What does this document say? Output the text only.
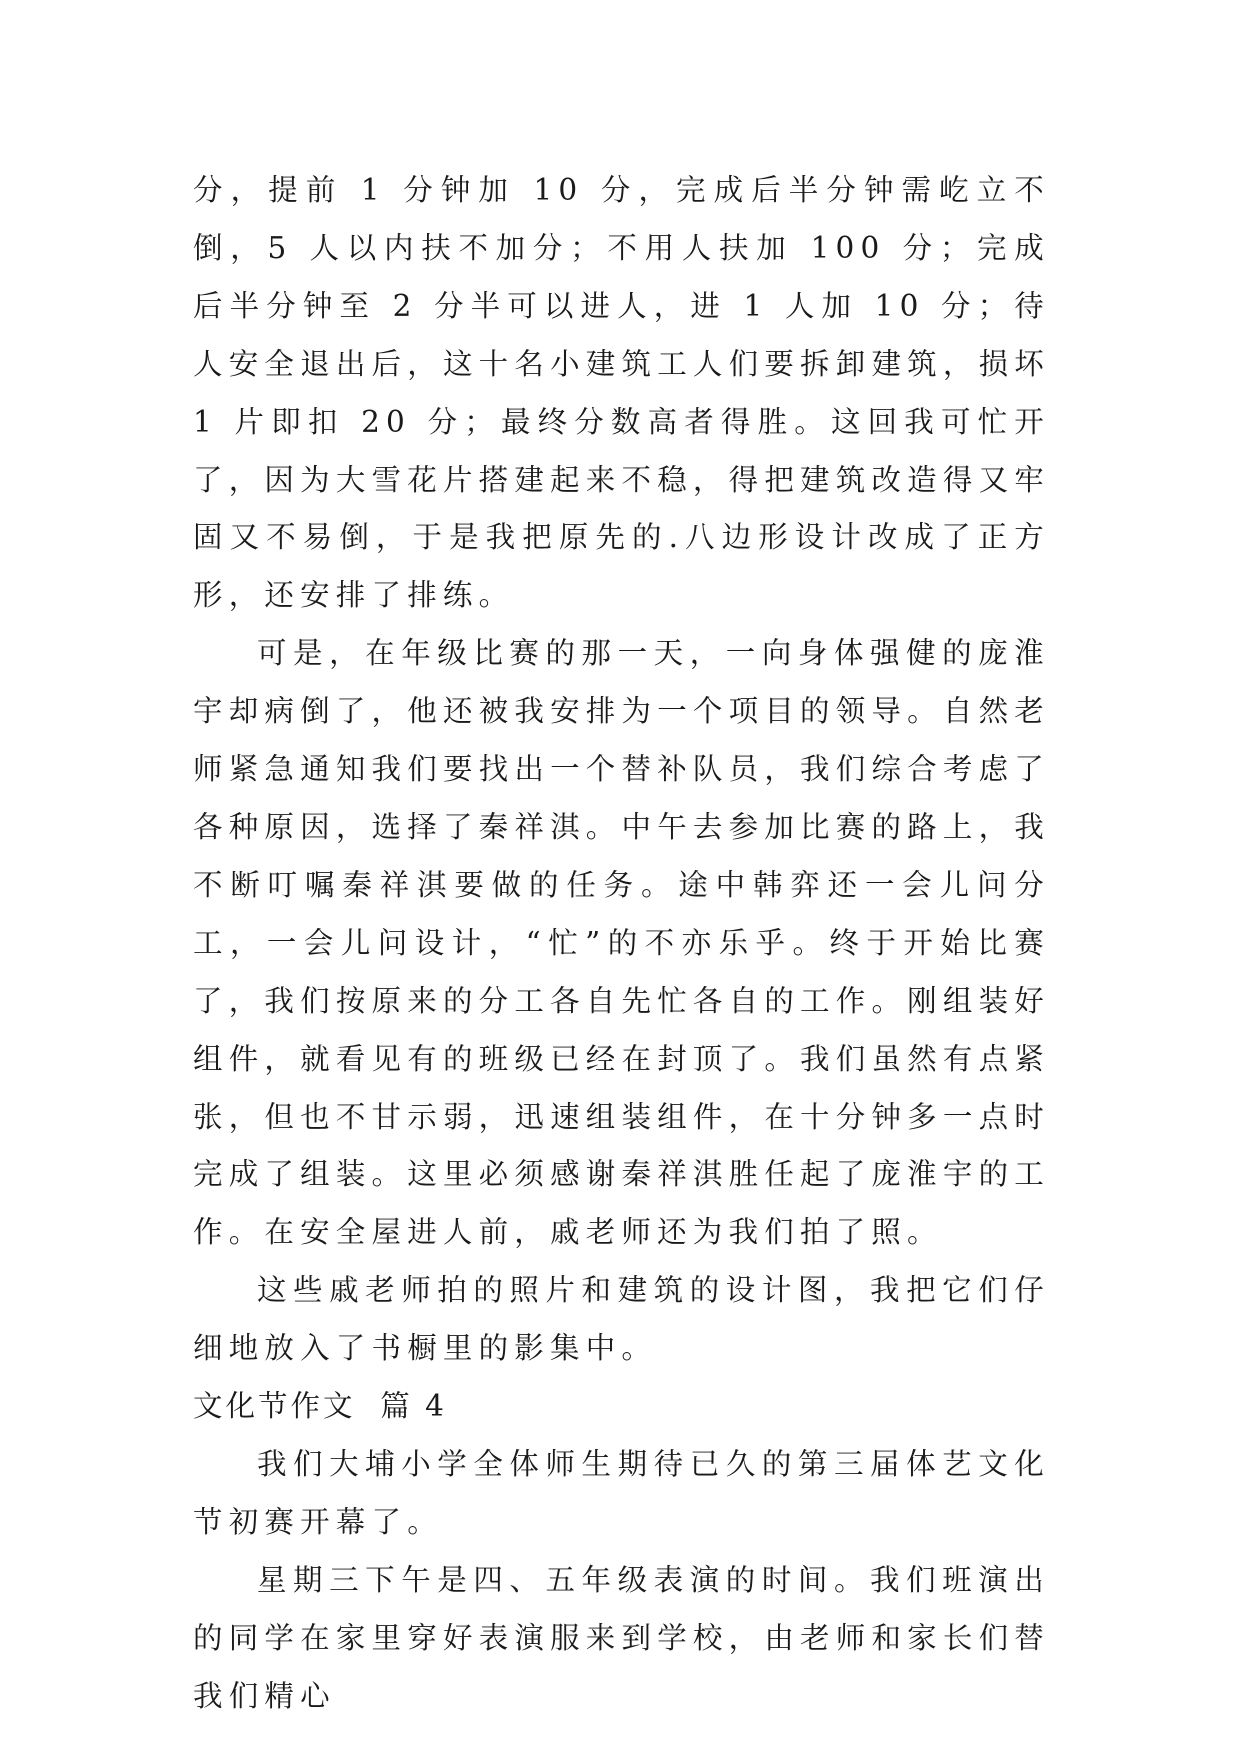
分，提前 1 分钟加 10 分，完成后半分钟需屹立不倒，5 人以内扶不加分；不用人扶加 100 分；完成后半分钟至 2 分半可以进人，进 1 人加 10 分；待人安全退出后，这十名小建筑工人们要拆卸建筑，损坏 1 片即扣 20 分；最终分数高者得胜。这回我可忙开了，因为大雪花片搭建起来不稳，得把建筑改造得又牢固又不易倒，于是我把原先的.八边形设计改成了正方形，还安排了排练。

可是，在年级比赛的那一天，一向身体强健的庞淮宇却病倒了，他还被我安排为一个项目的领导。自然老师紧急通知我们要找出一个替补队员，我们综合考虑了各种原因，选择了秦祥淇。中午去参加比赛的路上，我不断叮嘱秦祥淇要做的任务。途中韩弈还一会儿问分工，一会儿问设计，“忙”的不亦乐乎。终于开始比赛了，我们按原来的分工各自先忙各自的工作。刚组装好组件，就看见有的班级已经在封顶了。我们虽然有点紧张，但也不甘示弱，迅速组装组件，在十分钟多一点时完成了组装。这里必须感谢秦祥淇胜任起了庞淮宇的工作。在安全屋进人前，戚老师还为我们拍了照。

这些戚老师拍的照片和建筑的设计图，我把它们仔细地放入了书橱里的影集中。

文化节作文  篇 4

我们大埔小学全体师生期待已久的第三届体艺文化节初赛开幕了。

星期三下午是四、五年级表演的时间。我们班演出的同学在家里穿好表演服来到学校，由老师和家长们替我们精心
